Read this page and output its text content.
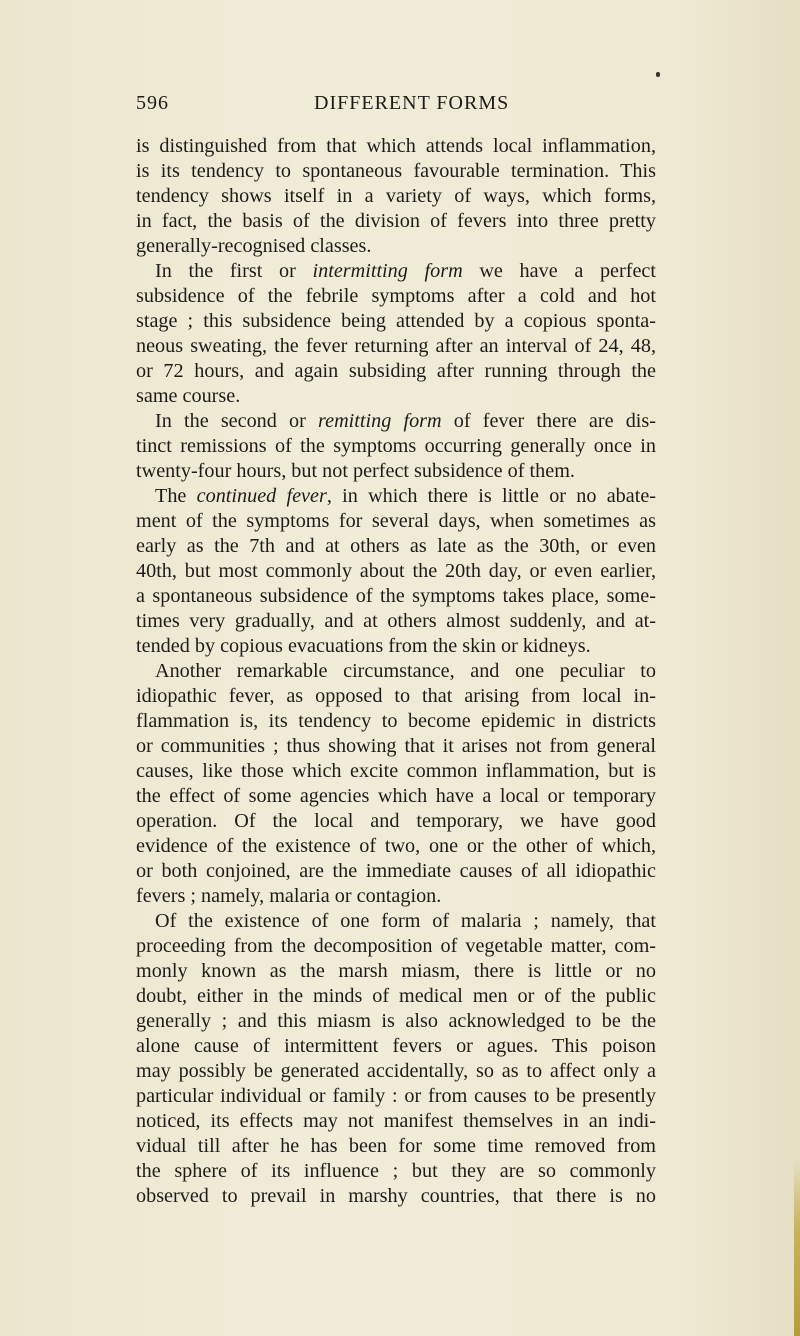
596	DIFFERENT FORMS
is distinguished from that which attends local inflammation,
is its tendency to spontaneous favourable termination. This
tendency shows itself in a variety of ways, which forms,
in fact, the basis of the division of fevers into three pretty
generally-recognised classes.
In the first or intermitting form we have a perfect
subsidence of the febrile symptoms after a cold and hot
stage ; this subsidence being attended by a copious sponta-
neous sweating, the fever returning after an interval of 24, 48,
or 72 hours, and again subsiding after running through the
same course.
In the second or remitting form of fever there are dis-
tinct remissions of the symptoms occurring generally once in
twenty-four hours, but not perfect subsidence of them.
The continued fever, in which there is little or no abate-
ment of the symptoms for several days, when sometimes as
early as the 7th and at others as late as the 30th, or even
40th, but most commonly about the 20th day, or even earlier,
a spontaneous subsidence of the symptoms takes place, some-
times very gradually, and at others almost suddenly, and at-
tended by copious evacuations from the skin or kidneys.
Another remarkable circumstance, and one peculiar to
idiopathic fever, as opposed to that arising from local in-
flammation is, its tendency to become epidemic in districts
or communities ; thus showing that it arises not from general
causes, like those which excite common inflammation, but is
the effect of some agencies which have a local or temporary
operation. Of the local and temporary, we have good
evidence of the existence of two, one or the other of which,
or both conjoined, are the immediate causes of all idiopathic
fevers ; namely, malaria or contagion.
Of the existence of one form of malaria ; namely, that
proceeding from the decomposition of vegetable matter, com-
monly known as the marsh miasm, there is little or no
doubt, either in the minds of medical men or of the public
generally ; and this miasm is also acknowledged to be the
alone cause of intermittent fevers or agues. This poison
may possibly be generated accidentally, so as to affect only a
particular individual or family : or from causes to be presently
noticed, its effects may not manifest themselves in an indi-
vidual till after he has been for some time removed from
the sphere of its influence ; but they are so commonly
observed to prevail in marshy countries, that there is no
